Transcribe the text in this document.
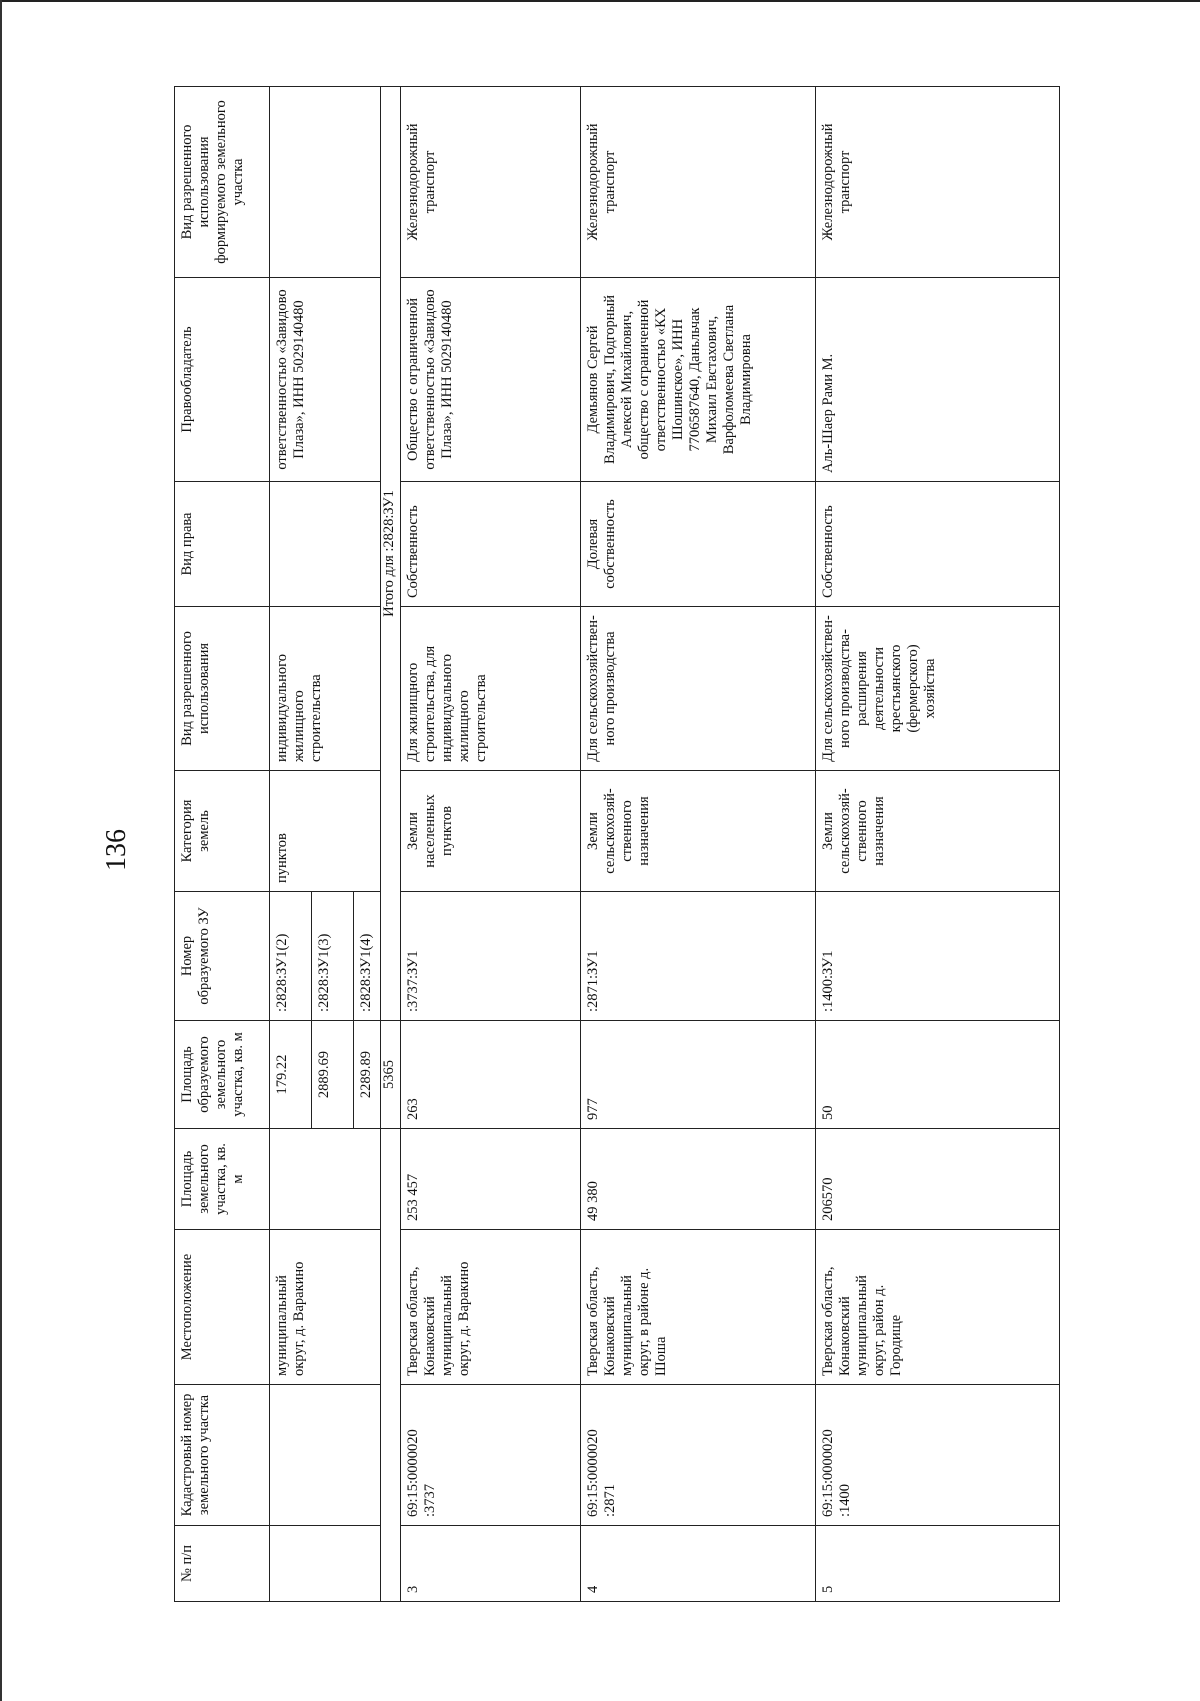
136
№ п/п	Кадастровый номер земельного участка	Местоположение	Площадь земельного участка, кв. м	Площадь образуемого земельного участка, кв. м	Номер образуемого ЗУ	Категория земель	Вид разрешенного использования	Вид права	Правообладатель	Вид разрешенного использования формируемого земельного участка
		муниципальный округ, д. Варакино		179.22	:2828:ЗУ1(2)	пунктов	индивидуального жилищного строительства		ответственностью «Завидово Плаза», ИНН 5029140480	
				2889.69	:2828:ЗУ1(3)					
				2289.89	:2828:ЗУ1(4)					
				5365	Итого для :2828:ЗУ1					
3	69:15:0000020 :3737	Тверская область, Конаковский муниципальный округ, д. Варакино	253 457	263	:3737:ЗУ1	Земли населенных пунктов	Для жилищного строительства, для индивидуального жилищного строительства	Собственность	Общество с ограниченной ответственностью «Завидово Плаза», ИНН 5029140480	Железнодорожный транспорт
4	69:15:0000020 :2871	Тверская область, Конаковский муниципальный округ, в районе д. Шоша	49 380	977	:2871:ЗУ1	Земли сельскохозяй-ственного назначения	Для сельскохозяйствен-ного производства	Долевая собственность	Демьянов Сергей Владимирович, Подгорный Алексей Михайлович, общество с ограниченной ответственностью «КХ Шошинское», ИНН 7706587640, Даньльчак Михаил Евстахович, Варфоломеева Светлана Владимировна	Железнодорожный транспорт
5	69:15:0000020 :1400	Тверская область, Конаковский муниципальный округ, район д. Городище	206570	50	:1400:ЗУ1	Земли сельскохозяй-ственного назначения	Для сельскохозяйствен-ного производства-расширения деятельности крестьянского (фермерского) хозяйства	Собственность	Аль-Шаер Рами М.	Железнодорожный транспорт
